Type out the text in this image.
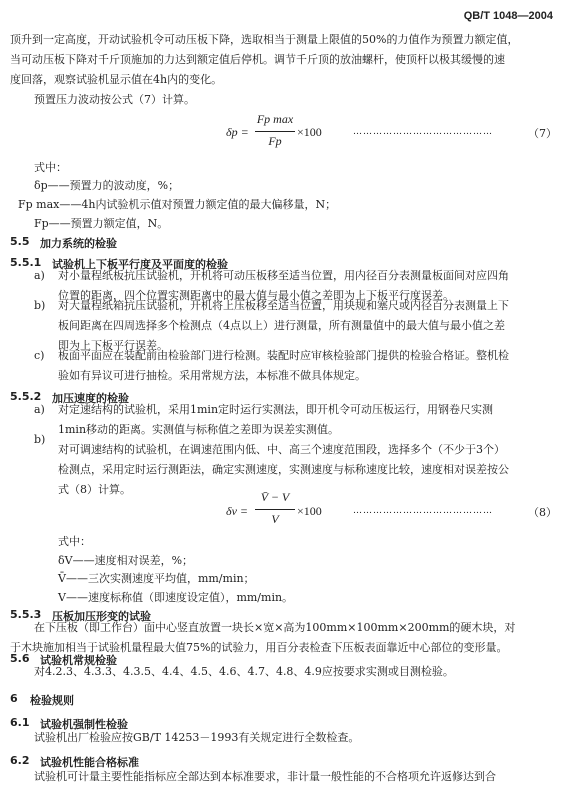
QB/T 1048—2004
顶升到一定高度，开动试验机令可动压板下降，选取相当于测量上限值的50%的力值作为预置力额定值，
当可动压板下降对千斤顶施加的力达到额定值后停机。调节千斤顶的放油螺杆，使顶杆以极其缓慢的速
度回落，观察试验机显示值在4h内的变化。
预置压力波动按公式（7）计算。
δp =
Fp max
Fp
×100	……………………………………	（7）
式中：
δp——预置力的波动度，%；
Fp max——4h内试验机示值对预置力额定值的最大偏移量，N；
Fp——预置力额定值，N。
5.5 加力系统的检验
5.5.1 试验机上下板平行度及平面度的检验
a) 对小量程纸板抗压试验机，开机将可动压板移至适当位置，用内径百分表测量板面间对应四角
位置的距离，四个位置实测距离中的最大值与最小值之差即为上下板平行度误差。
b) 对大量程纸箱抗压试验机，开机将上压板移至适当位置，用块规和塞尺或内径百分表测量上下
板间距离在四周选择多个检测点（4点以上）进行测量，所有测量值中的最大值与最小值之差
即为上下板平行误差。
c) 板面平面应在装配前由检验部门进行检测。装配时应审核检验部门提供的检验合格证。整机检
验如有异议可进行抽检。采用常规方法，本标准不做具体规定。
5.5.2 加压速度的检验
a) 对定速结构的试验机，采用1min定时运行实测法，即开机令可动压板运行，用钢卷尺实测
1min移动的距离。实测值与标称值之差即为误差实测值。
b)
对可调速结构的试验机，在调速范围内低、中、高三个速度范围段，选择多个（不少于3个）
检测点，采用定时运行测距法，确定实测速度，实测速度与标称速度比较，速度相对误差按公
式（8）计算。
δv =
V̄ − V
V
×100	……………………………………	（8）
式中：
δV——速度相对误差，%；
V̄——三次实测速度平均值，mm/min；
V——速度标称值（即速度设定值），mm/min。
5.5.3 压板加压形变的试验
在下压板（即工作台）面中心竖直放置一块长×宽×高为100mm×100mm×200mm的硬木块，对
于木块施加相当于试验机量程最大值75%的试验力，用百分表检查下压板表面靠近中心部位的变形量。
5.6 试验机常规检验
对4.2.3、4.3.3、4.3.5、4.4、4.5、4.6、4.7、4.8、4.9应按要求实测或目测检验。
6 检验规则
6.1 试验机强制性检验
试验机出厂检验应按GB/T 14253－1993有关规定进行全数检查。
6.2 试验机性能合格标准
试验机可计量主要性能指标应全部达到本标准要求，非计量一般性能的不合格项允许返修达到合
